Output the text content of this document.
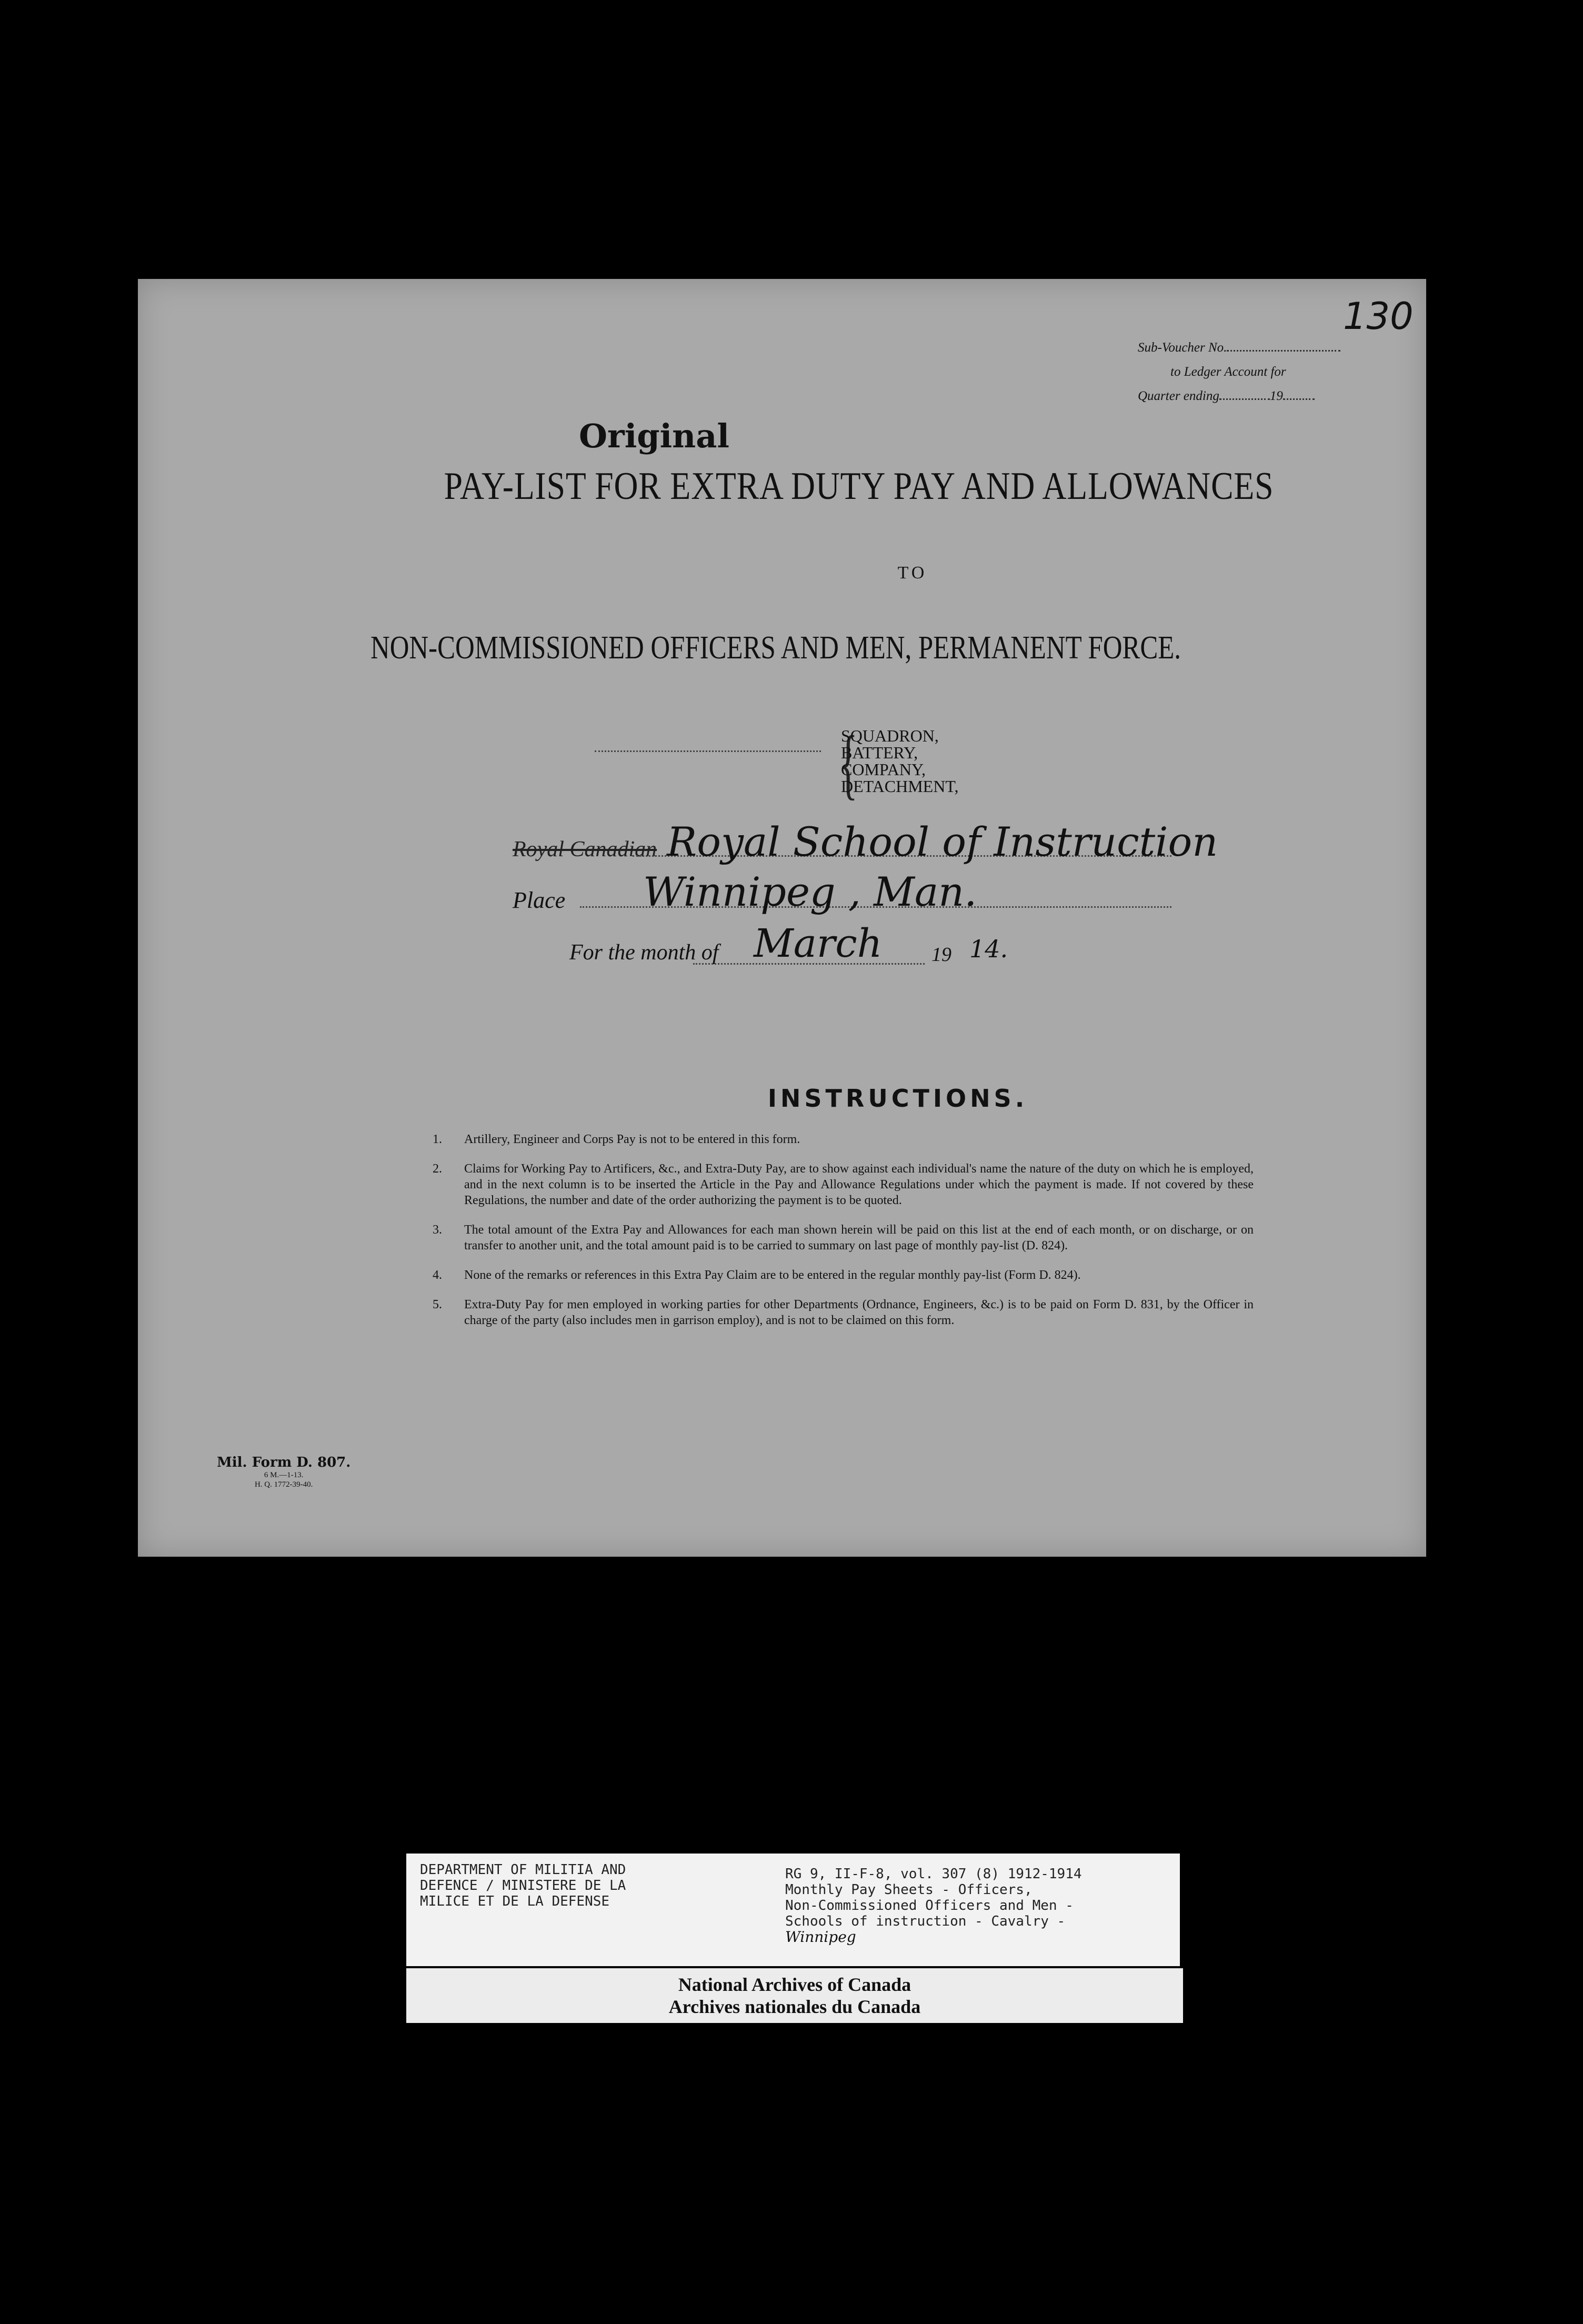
130
Sub-Voucher No.
to Ledger Account for
Quarter ending	19
Original
PAY-LIST FOR EXTRA DUTY PAY AND ALLOWANCES
TO
NON-COMMISSIONED OFFICERS AND MEN, PERMANENT FORCE.
{
SQUADRON,
BATTERY,
COMPANY,
DETACHMENT,
Royal Canadian Royal School of Instruction
Place Winnipeg , Man.
For the month of March 19 14.
INSTRUCTIONS.
1. Artillery, Engineer and Corps Pay is not to be entered in this form.
2. Claims for Working Pay to Artificers, &c., and Extra-Duty Pay, are to show against each individual's name the nature of the duty on which he is employed, and in the next column is to be inserted the Article in the Pay and Allowance Regulations under which the payment is made. If not covered by these Regulations, the number and date of the order authorizing the payment is to be quoted.
3. The total amount of the Extra Pay and Allowances for each man shown herein will be paid on this list at the end of each month, or on discharge, or on transfer to another unit, and the total amount paid is to be carried to summary on last page of monthly pay-list (D. 824).
4. None of the remarks or references in this Extra Pay Claim are to be entered in the regular monthly pay-list (Form D. 824).
5. Extra-Duty Pay for men employed in working parties for other Departments (Ordnance, Engineers, &c.) is to be paid on Form D. 831, by the Officer in charge of the party (also includes men in garrison employ), and is not to be claimed on this form.
Mil. Form D. 807.
6 M.—1-13.
H. Q. 1772-39-40.
DEPARTMENT OF MILITIA AND
DEFENCE / MINISTERE DE LA
MILICE ET DE LA DEFENSE
RG 9, II-F-8, vol. 307 (8) 1912-1914
Monthly Pay Sheets - Officers,
Non-Commissioned Officers and Men -
Schools of instruction - Cavalry -
Winnipeg
National Archives of Canada
Archives nationales du Canada
